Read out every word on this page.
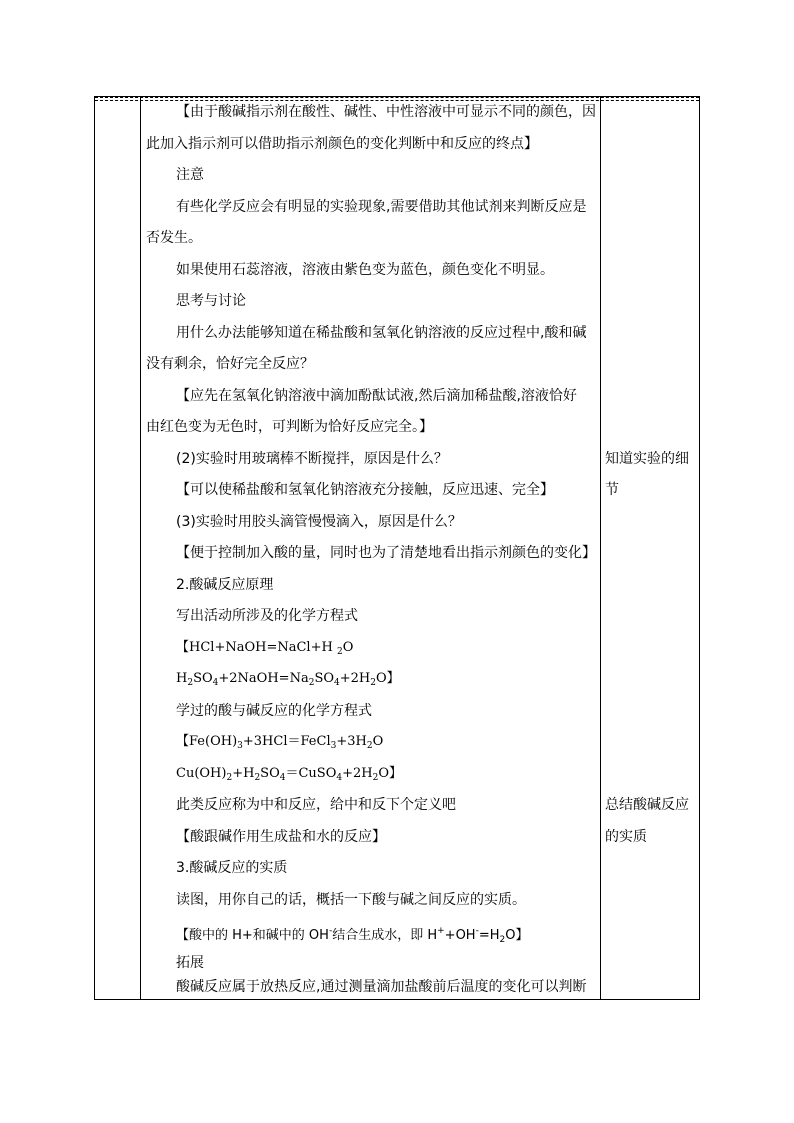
【由于酸碱指示剂在酸性、碱性、中性溶液中可显示不同的颜色，因
此加入指示剂可以借助指示剂颜色的变化判断中和反应的终点】
注意
有些化学反应会有明显的实验现象,需要借助其他试剂来判断反应是
否发生。
如果使用石蕊溶液，溶液由紫色变为蓝色，颜色变化不明显。
思考与讨论
用什么办法能够知道在稀盐酸和氢氧化钠溶液的反应过程中,酸和碱
没有剩余，恰好完全反应？
【应先在氢氧化钠溶液中滴加酚酞试液,然后滴加稀盐酸,溶液恰好
由红色变为无色时，可判断为恰好反应完全。】
(2)实验时用玻璃棒不断搅拌，原因是什么？
【可以使稀盐酸和氢氧化钠溶液充分接触，反应迅速、完全】
(3)实验时用胶头滴管慢慢滴入，原因是什么？
【便于控制加入酸的量，同时也为了清楚地看出指示剂颜色的变化】
2.酸碱反应原理
写出活动所涉及的化学方程式
【HCl+NaOH=NaCl+H $_2$O
$H_2SO_4+2NaOH=Na_2SO_4+2H_2O$】
学过的酸与碱反应的化学方程式
【$Fe(OH)_3+3HCl=FeCl_3+3H_2O$
$Cu(OH)_2+H_2SO_4=CuSO_4+2H_2O$】
此类反应称为中和反应，给中和反下个定义吧
【酸跟碱作用生成盐和水的反应】
3.酸碱反应的实质
读图，用你自己的话，概括一下酸与碱之间反应的实质。
【酸中的 H+和碱中的 OH-结合生成水，即 $H^++OH^-=H_2O$】
拓展
酸碱反应属于放热反应,通过测量滴加盐酸前后温度的变化可以判断
知道实验的细
节
总结酸碱反应
的实质
